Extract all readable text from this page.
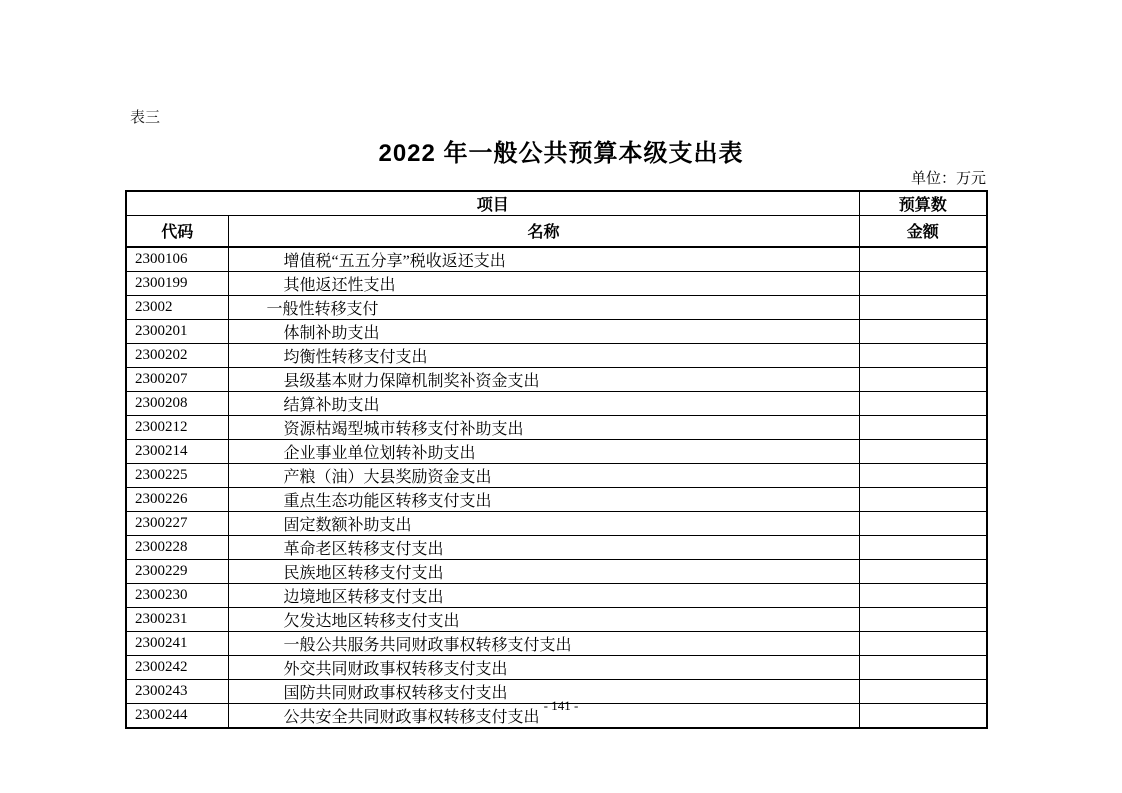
表三
2022 年一般公共预算本级支出表
单位：万元
项目		预算数
代码	名称	金额
2300106	增值税“五五分享”税收返还支出	
2300199	其他返还性支出	
23002	一般性转移支付	
2300201	体制补助支出	
2300202	均衡性转移支付支出	
2300207	县级基本财力保障机制奖补资金支出	
2300208	结算补助支出	
2300212	资源枯竭型城市转移支付补助支出	
2300214	企业事业单位划转补助支出	
2300225	产粮（油）大县奖励资金支出	
2300226	重点生态功能区转移支付支出	
2300227	固定数额补助支出	
2300228	革命老区转移支付支出	
2300229	民族地区转移支付支出	
2300230	边境地区转移支付支出	
2300231	欠发达地区转移支付支出	
2300241	一般公共服务共同财政事权转移支付支出	
2300242	外交共同财政事权转移支付支出	
2300243	国防共同财政事权转移支付支出	
2300244	公共安全共同财政事权转移支付支出	
- 141 -
